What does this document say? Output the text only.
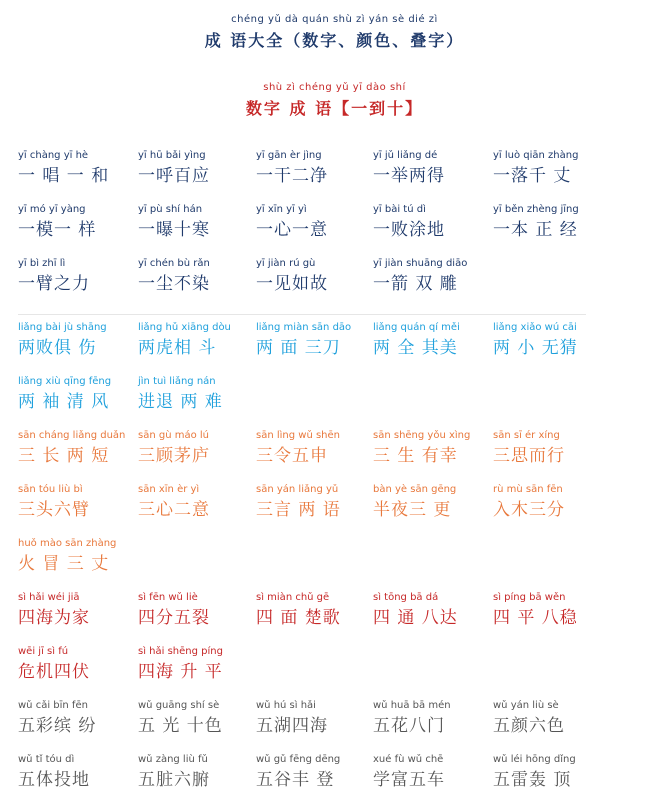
chéng yǔ dà quán shù zì yán sè dié zì
成 语大全（数字、颜色、叠字）
shù zì chéng yǔ yī dào shí
数字 成 语【一到十】
yī chàng yī hè
一 唱 一 和
yī hū bǎi yìng
一呼百应
yī gān èr jìng
一干二净
yī jǔ liǎng dé
一举两得
yī luò qiān zhàng
一落千 丈
yī mó yī yàng
一模一 样
yī pù shí hán
一曝十寒
yī xīn yī yì
一心一意
yī bài tú dì
一败涂地
yī běn zhèng jīng
一本 正 经
yī bì zhī lì
一臂之力
yī chén bù rǎn
一尘不染
yī jiàn rú gù
一见如故
yī jiàn shuāng diāo
一箭 双 雕
liǎng bài jù shāng
两败俱 伤
liǎng hǔ xiāng dòu
两虎相 斗
liǎng miàn sān dāo
两 面 三刀
liǎng quán qí měi
两 全 其美
liǎng xiǎo wú cāi
两 小 无猜
liǎng xiù qīng fēng
两 袖 清 风
jìn tuì liǎng nán
进退 两 难
sān cháng liǎng duǎn
三 长 两 短
sān gù máo lú
三顾茅庐
sān lìng wǔ shēn
三令五申
sān shēng yǒu xìng
三 生 有幸
sān sī ér xíng
三思而行
sān tóu liù bì
三头六臂
sān xīn èr yì
三心二意
sān yán liǎng yǔ
三言 两 语
bàn yè sān gēng
半夜三 更
rù mù sān fēn
入木三分
huǒ mào sān zhàng
火 冒 三 丈
sì hǎi wéi jiā
四海为家
sì fēn wǔ liè
四分五裂
sì miàn chǔ gē
四 面 楚歌
sì tōng bā dá
四 通 八达
sì píng bā wěn
四 平 八稳
wēi jī sì fú
危机四伏
sì hǎi shēng píng
四海 升 平
wǔ cǎi bīn fēn
五彩缤 纷
wǔ guāng shí sè
五 光 十色
wǔ hú sì hǎi
五湖四海
wǔ huā bā mén
五花八门
wǔ yán liù sè
五颜六色
wǔ tǐ tóu dì
五体投地
wǔ zàng liù fǔ
五脏六腑
wǔ gǔ fēng dēng
五谷丰 登
xué fù wǔ chē
学富五车
wǔ léi hōng dǐng
五雷轰 顶
